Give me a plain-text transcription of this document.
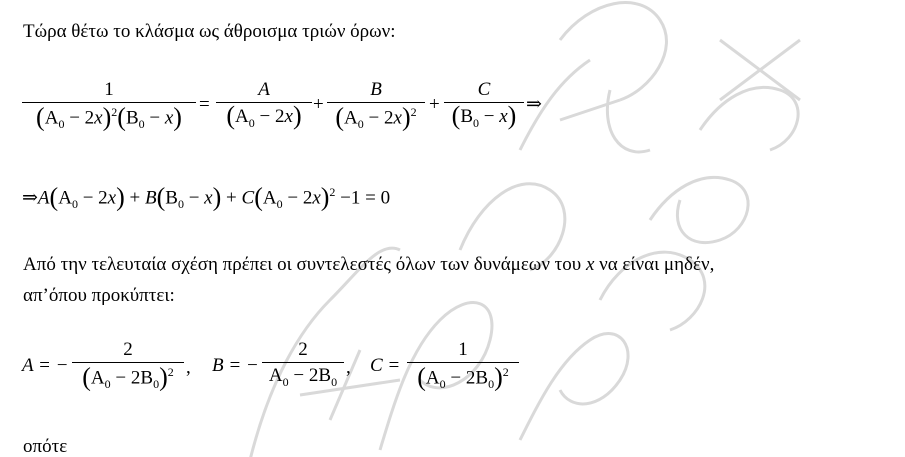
Τώρα θέτω το κλάσμα ως άθροισμα τριών όρων:
1
$(A_0 - 2x)^2(B_0 - x)$ =
A
$(A_0 - 2x)$ +
B
$(A_0 - 2x)^2$ +
C
$(B_0 - x)$ ⇒
$\Rightarrow A(A_0 - 2x) + B(B_0 - x) + C(A_0 - 2x)^2 -1 = 0$
Από την τελευταία σχέση πρέπει οι συντελεστές όλων των δυνάμεων του x να είναι μηδέν,
απ’όπου προκύπτει:
A = −
2
$(A_0 - 2B_0)^2$ , B = −
2
$A_0 - 2B_0$
, C =
1
$(A_0 - 2B_0)^2$
οπότε
